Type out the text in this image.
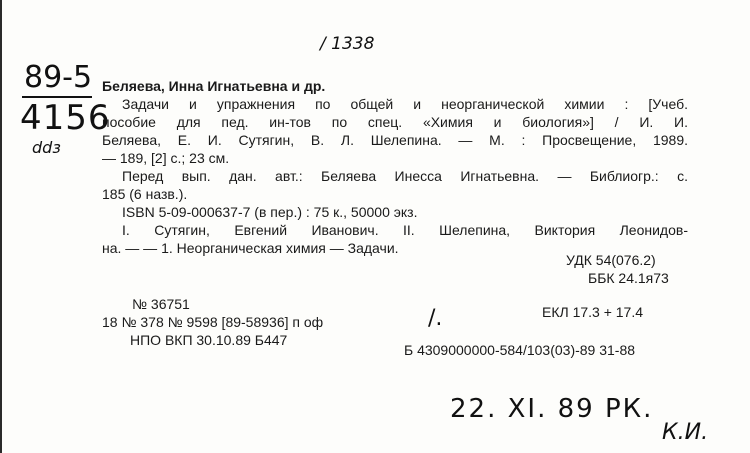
/ 1338
89-5
4156
ddз
Беляева, Инна Игнатьевна и др.
Задачи и упражнения по общей и неорганической химии : [Учеб.
пособие для пед. ин-тов по спец. «Химия и биология»] / И. И.
Беляева, Е. И. Сутягин, В. Л. Шелепина. — М. : Просвещение, 1989.
— 189, [2] с.; 23 см.
Перед вып. дан. авт.: Беляева Инесса Игнатьевна. — Библиогр.: с.
185 (6 назв.).
ISBN 5-09-000637-7 (в пер.) : 75 к., 50000 экз.
I. Сутягин, Евгений Иванович. II. Шелепина, Виктория Леонидов-
на. — — 1. Неорганическая химия — Задачи.
УДК 54(076.2)
ББК 24.1я73
№ 36751
18 № 378 № 9598 [89-58936] п оф
НПО ВКП 30.10.89 Б447
/.	ЕКЛ 17.3 + 17.4
Б 4309000000-584/103(03)-89 31-88
22. XI. 89 РК.
К.И.
